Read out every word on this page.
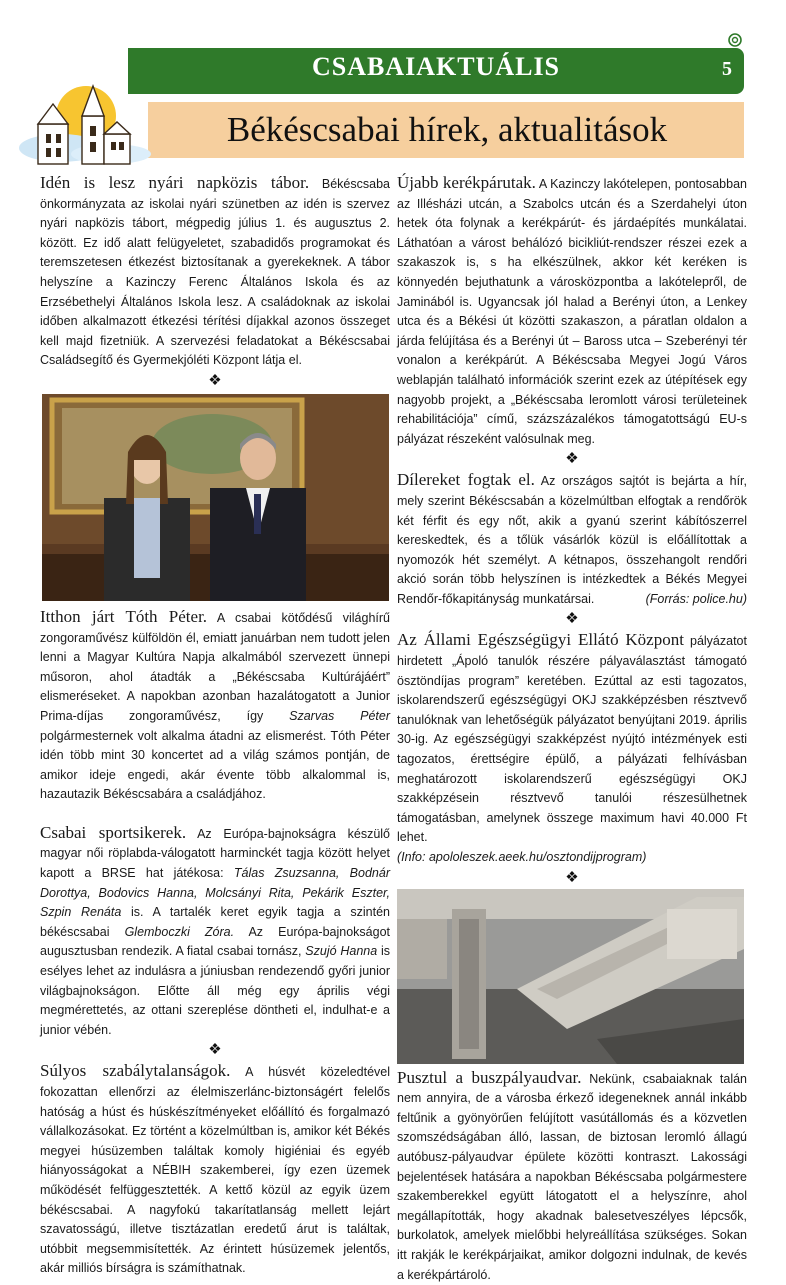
CSABAIAKTUÁLIS	5
Békéscsabai hírek, aktualitások

Idén is lesz nyári napközis tábor. Békéscsaba önkormányzata az iskolai nyári szünetben az idén is szervez nyári napközis tábort, mégpedig július 1. és augusztus 2. között. Ez idő alatt felügyeletet, szabadidős programokat és teremszetesen étkezést biztosítanak a gyerekeknek. A tábor helyszíne a Kazinczy Ferenc Általános Iskola és az Erzsébethelyi Általános Iskola lesz. A családoknak az iskolai időben alkalmazott étkezési térítési díjakkal azonos összeget kell majd fizetniük. A szervezési feladatokat a Békéscsabai Családsegítő és Gyermekjóléti Központ látja el.

❖

Itthon járt Tóth Péter. A csabai kötődésű világhírű zongoraművész külföldön él, emiatt januárban nem tudott jelen lenni a Magyar Kultúra Napja alkalmából szervezett ünnepi műsoron, ahol átadták a „Békéscsaba Kultúrájáért” elismeréseket. A napokban azonban hazalátogatott a Junior Prima-díjas zongoraművész, így Szarvas Péter polgármesternek volt alkalma átadni az elismerést. Tóth Péter idén több mint 30 koncertet ad a világ számos pontján, de amikor ideje engedi, akár évente több alkalommal is, hazautazik Békéscsabára a családjához.

Csabai sportsikerek. Az Európa-bajnokságra készülő magyar női röplabda-válogatott harminckét tagja között helyet kapott a BRSE hat játékosa: Tálas Zsuzsanna, Bodnár Dorottya, Bodovics Hanna, Molcsányi Rita, Pekárik Eszter, Szpin Renáta is. A tartalék keret egyik tagja a szintén békéscsabai Glemboczki Zóra. Az Európa-bajnokságot augusztusban rendezik. A fiatal csabai tornász, Szujó Hanna is esélyes lehet az indulásra a júniusban rendezendő győri junior világbajnokságon. Előtte áll még egy április végi megmérettetés, az ottani szereplése döntheti el, indulhat-e a junior vébén.

❖

Súlyos szabálytalanságok. A húsvét közeledtével fokozattan ellenőrzi az élelmiszerlánc-biztonságért felelős hatóság a húst és húskészítményeket előállító és forgalmazó vállalkozásokat. Ez történt a közelmúltban is, amikor két Békés megyei húsüzemben találtak komoly higiéniai és egyéb hiányosságokat a NÉBIH szakemberei, így ezen üzemek működését felfüggesztették. A kettő közül az egyik üzem békéscsabai. A nagyfokú takarítatlanság mellett lejárt szavatosságú, illetve tisztázatlan eredetű árut is találtak, utóbbit megsemmisítették. Az érintett húsüzemek jelentős, akár milliós bírságra is számíthatnak.

Újabb kerékpárutak. A Kazinczy lakótelepen, pontosabban az Illésházi utcán, a Szabolcs utcán és a Szerdahelyi úton hetek óta folynak a kerékpárút- és járdaépítés munkálatai. Láthatóan a várost behálózó bicikliút-rendszer részei ezek a szakaszok is, s ha elkészülnek, akkor két keréken is könnyedén bejuthatunk a városközpontba a lakótelepről, de Jaminából is. Ugyancsak jól halad a Berényi úton, a Lenkey utca és a Békési út közötti szakaszon, a páratlan oldalon a járda felújítása és a Berényi út – Baross utca – Szeberényi tér vonalon a kerékpárút. A Békéscsaba Megyei Jogú Város weblapján található információk szerint ezek az útépítések egy nagyobb projekt, a „Békéscsaba leromlott városi területeinek rehabilitációja” című, százszázalékos támogatottságú EU-s pályázat részeként valósulnak meg.

❖

Dílereket fogtak el. Az országos sajtót is bejárta a hír, mely szerint Békéscsabán a közelmúltban elfogtak a rendőrök két férfit és egy nőt, akik a gyanú szerint kábítószerrel kereskedtek, és a tőlük vásárlók közül is előállítottak a nyomozók hét személyt. A kétnapos, összehangolt rendőri akció során több helyszínen is intézkedtek a Békés Megyei Rendőr-főkapitányság munkatársai.	(Forrás: police.hu)

❖

Az Állami Egészségügyi Ellátó Központ pályázatot hirdetett „Ápoló tanulók részére pályaválasztást támogató ösztöndíjas program” keretében. Ezúttal az esti tagozatos, iskolarendszerű egészségügyi OKJ szakképzésben résztvevő tanulóknak van lehetőségük pályázatot benyújtani 2019. április 30-ig. Az egészségügyi szakképzést nyújtó intézmények esti tagozatos, érettségire épülő, a pályázati felhívásban meghatározott iskolarendszerű egészségügyi OKJ szakképzésein résztvevő tanulói részesülhetnek támogatásban, amelynek összege maximum havi 40.000 Ft lehet.
(Info: apololeszek.aeek.hu/osztondijprogram)

❖

Pusztul a buszpályaudvar. Nekünk, csabaiaknak talán nem annyira, de a városba érkező idegeneknek annál inkább feltűnik a gyönyörűen felújított vasútállomás és a közvetlen szomszédságában álló, lassan, de biztosan leromló állagú autóbusz-pályaudvar épülete közötti kontraszt. Lakossági bejelentések hatására a napokban Békéscsaba polgármestere szakemberekkel együtt látogatott el a helyszínre, ahol megállapították, hogy akadnak balesetveszélyes lépcsők, burkolatok, amelyek mielőbbi helyreállítása szükséges. Sokan itt rakják le kerékpárjaikat, amikor dolgozni indulnak, de kevés a kerékpártároló.
